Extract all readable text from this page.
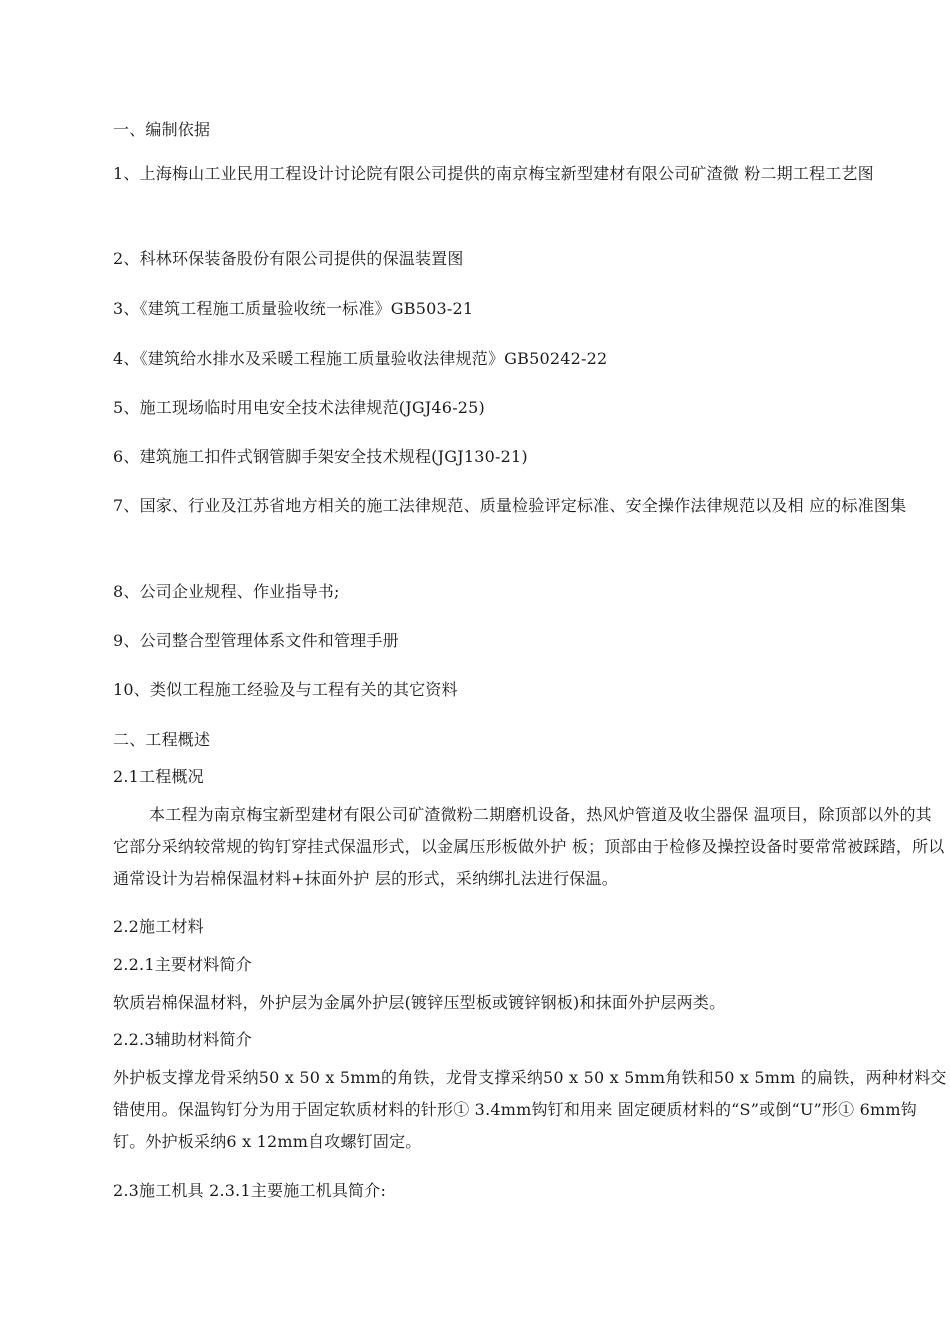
一、编制依据
1、上海梅山工业民用工程设计讨论院有限公司提供的南京梅宝新型建材有限公司矿渣微 粉二期工程工艺图
2、科林环保装备股份有限公司提供的保温装置图
3、《建筑工程施工质量验收统一标准》GB503-21
4、《建筑给水排水及采暖工程施工质量验收法律规范》GB50242-22
5、施工现场临时用电安全技术法律规范(JGJ46-25)
6、建筑施工扣件式钢管脚手架安全技术规程(JGJ130-21)
7、国家、行业及江苏省地方相关的施工法律规范、质量检验评定标准、安全操作法律规范以及相 应的标准图集
8、公司企业规程、作业指导书;
9、公司整合型管理体系文件和管理手册
10、类似工程施工经验及与工程有关的其它资料
二、工程概述
2.1工程概况
本工程为南京梅宝新型建材有限公司矿渣微粉二期磨机设备，热风炉管道及收尘器保 温项目，除顶部以外的其它部分采纳较常规的钩钉穿挂式保温形式，以金属压形板做外护 板；顶部由于检修及操控设备时要常常被踩踏，所以通常设计为岩棉保温材料+抹面外护 层的形式，采纳绑扎法进行保温。
2.2施工材料
2.2.1主要材料简介
软质岩棉保温材料，外护层为金属外护层(镀锌压型板或镀锌钢板)和抹面外护层两类。
2.2.3辅助材料简介
外护板支撑龙骨采纳50 x 50 x 5mm的角铁，龙骨支撑采纳50 x 50 x 5mm角铁和50 x 5mm 的扁铁，两种材料交错使用。保温钩钉分为用于固定软质材料的针形① 3.4mm钩钉和用来 固定硬质材料的“S”或倒“U”形① 6mm钩钉。外护板采纳6 x 12mm自攻螺钉固定。
2.3施工机具 2.3.1主要施工机具简介:
